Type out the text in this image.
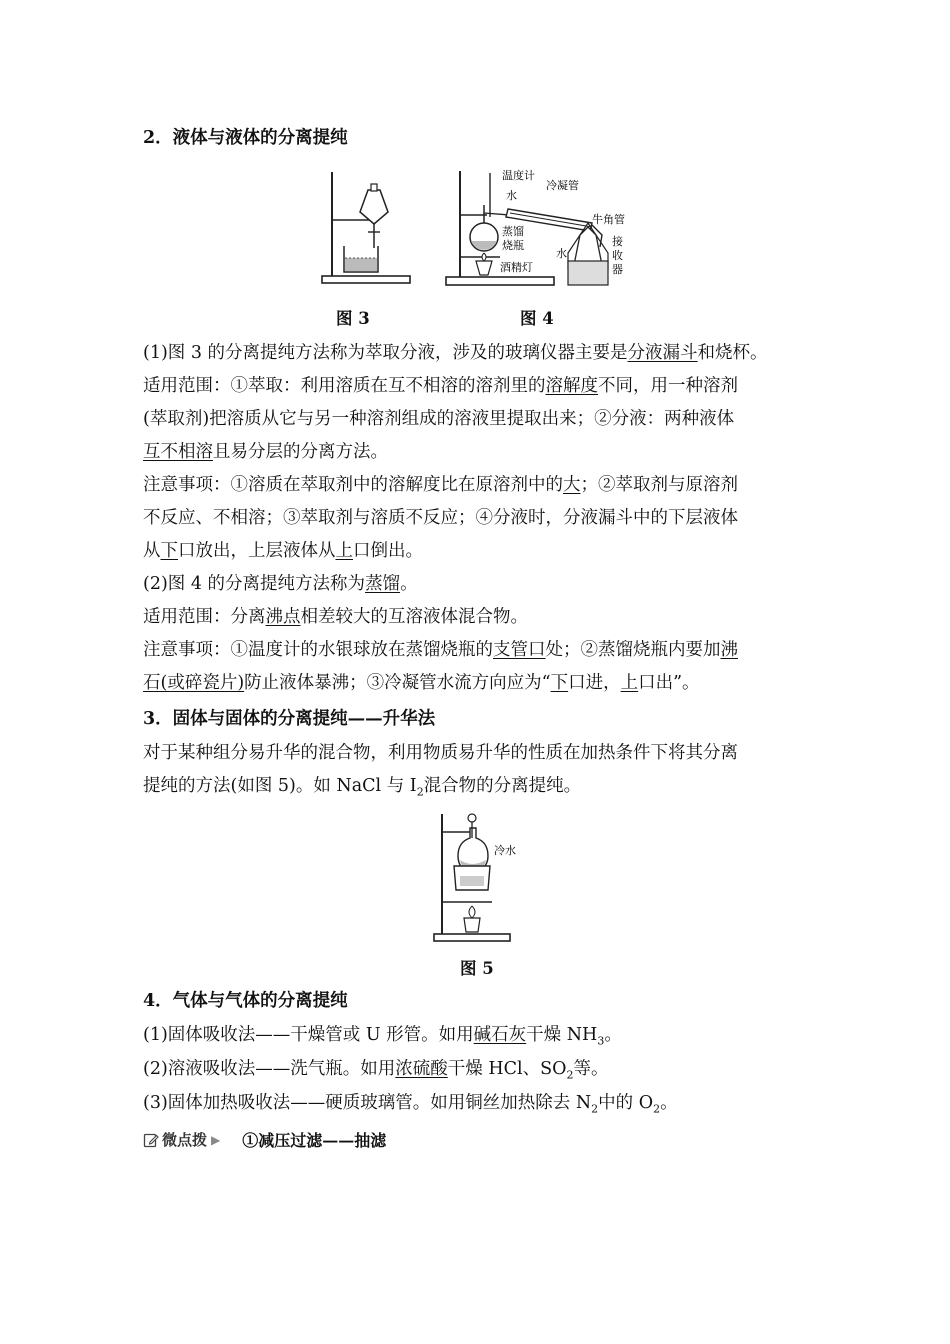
2．液体与液体的分离提纯
温度计
水
冷凝管
牛角管
蒸馏
烧瓶
酒精灯
水
接
收
器
图 3	图 4
(1)图 3 的分离提纯方法称为萃取分液，涉及的玻璃仪器主要是分液漏斗和烧杯。
适用范围：①萃取：利用溶质在互不相溶的溶剂里的溶解度不同，用一种溶剂
(萃取剂)把溶质从它与另一种溶剂组成的溶液里提取出来；②分液：两种液体
互不相溶且易分层的分离方法。
注意事项：①溶质在萃取剂中的溶解度比在原溶剂中的大；②萃取剂与原溶剂
不反应、不相溶；③萃取剂与溶质不反应；④分液时，分液漏斗中的下层液体
从下口放出，上层液体从上口倒出。
(2)图 4 的分离提纯方法称为蒸馏。
适用范围：分离沸点相差较大的互溶液体混合物。
注意事项：①温度计的水银球放在蒸馏烧瓶的支管口处；②蒸馏烧瓶内要加沸
石(或碎瓷片)防止液体暴沸；③冷凝管水流方向应为“下口进，上口出”。
3．固体与固体的分离提纯——升华法
对于某种组分易升华的混合物，利用物质易升华的性质在加热条件下将其分离
提纯的方法(如图 5)。如 NaCl 与 $I_2$混合物的分离提纯。
冷水
图 5
4．气体与气体的分离提纯
(1)固体吸收法——干燥管或 U 形管。如用碱石灰干燥 $NH_3$。
(2)溶液吸收法——洗气瓶。如用浓硫酸干燥 HCl、$SO_2$等。
(3)固体加热吸收法——硬质玻璃管。如用铜丝加热除去 $N_2$中的 $O_2$。
微点拨 ▶ ①减压过滤——抽滤
